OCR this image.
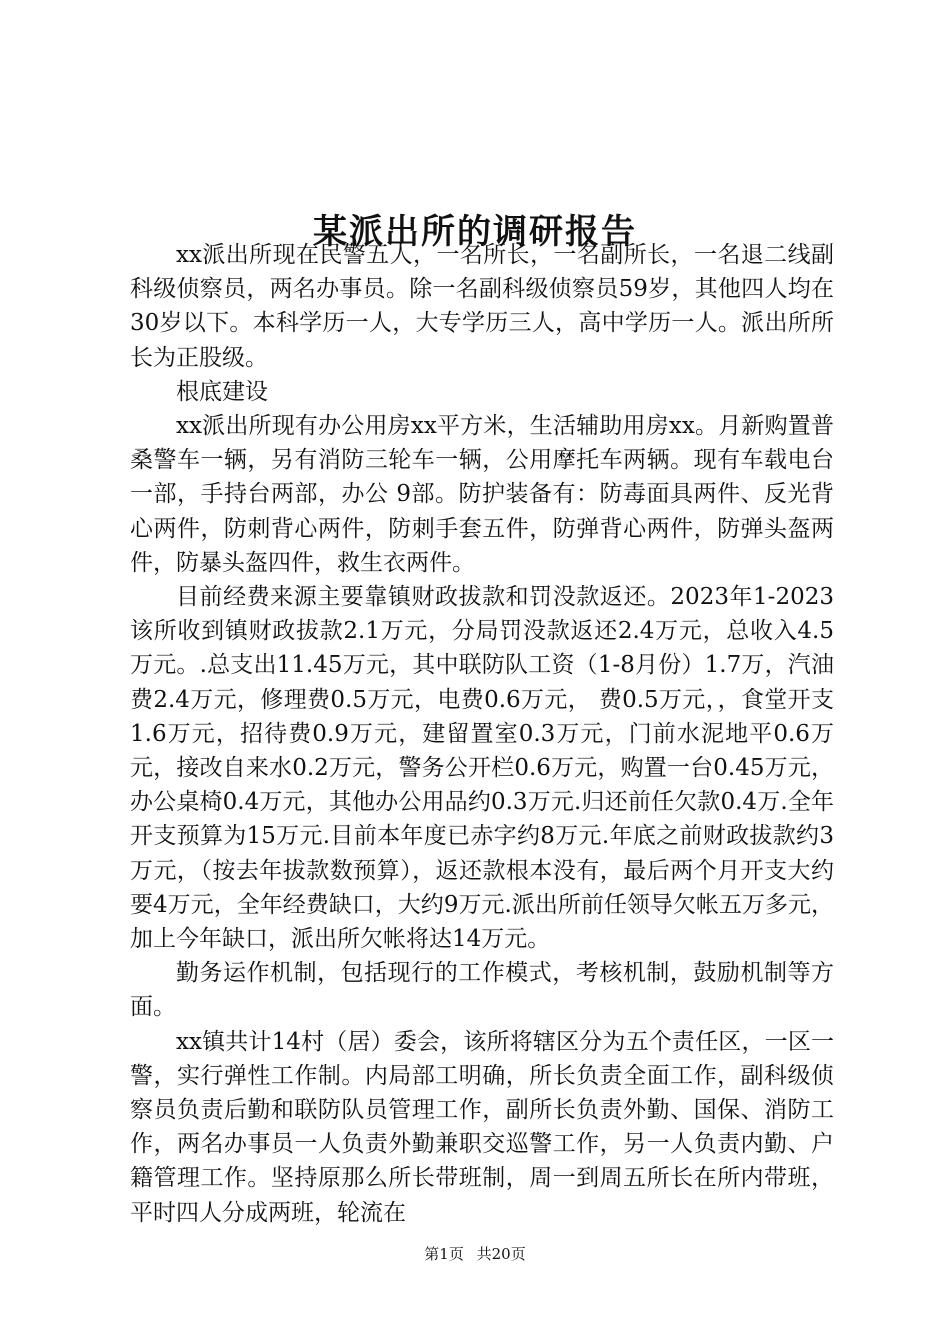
某派出所的调研报告

xx派出所现在民警五人，一名所长，一名副所长，一名退二线副科级侦察员，两名办事员。除一名副科级侦察员59岁，其他四人均在30岁以下。本科学历一人，大专学历三人，高中学历一人。派出所所长为正股级。

根底建设

xx派出所现有办公用房xx平方米，生活辅助用房xx。月新购置普桑警车一辆，另有消防三轮车一辆，公用摩托车两辆。现有车载电台一部，手持台两部，办公 9部。防护装备有：防毒面具两件、反光背心两件，防刺背心两件，防刺手套五件，防弹背心两件，防弹头盔两件，防暴头盔四件，救生衣两件。

目前经费来源主要靠镇财政拔款和罚没款返还。2023年1-2023该所收到镇财政拔款2.1万元，分局罚没款返还2.4万元，总收入4.5万元。.总支出11.45万元，其中联防队工资（1-8月份）1.7万，汽油费2.4万元，修理费0.5万元，电费0.6万元， 费0.5万元，，食堂开支1.6万元，招待费0.9万元，建留置室0.3万元，门前水泥地平0.6万元，接改自来水0.2万元，警务公开栏0.6万元，购置一台0.45万元，办公桌椅0.4万元，其他办公用品约0.3万元.归还前任欠款0.4万.全年开支预算为15万元.目前本年度已赤字约8万元.年底之前财政拔款约3万元，（按去年拔款数预算），返还款根本没有，最后两个月开支大约要4万元，全年经费缺口，大约9万元.派出所前任领导欠帐五万多元，加上今年缺口，派出所欠帐将达14万元。

勤务运作机制，包括现行的工作模式，考核机制，鼓励机制等方面。

xx镇共计14村（居）委会，该所将辖区分为五个责任区，一区一警，实行弹性工作制。内局部工明确，所长负责全面工作，副科级侦察员负责后勤和联防队员管理工作，副所长负责外勤、国保、消防工作，两名办事员一人负责外勤兼职交巡警工作，另一人负责内勤、户籍管理工作。坚持原那么所长带班制，周一到周五所长在所内带班，平时四人分成两班，轮流在

第1页 共20页
